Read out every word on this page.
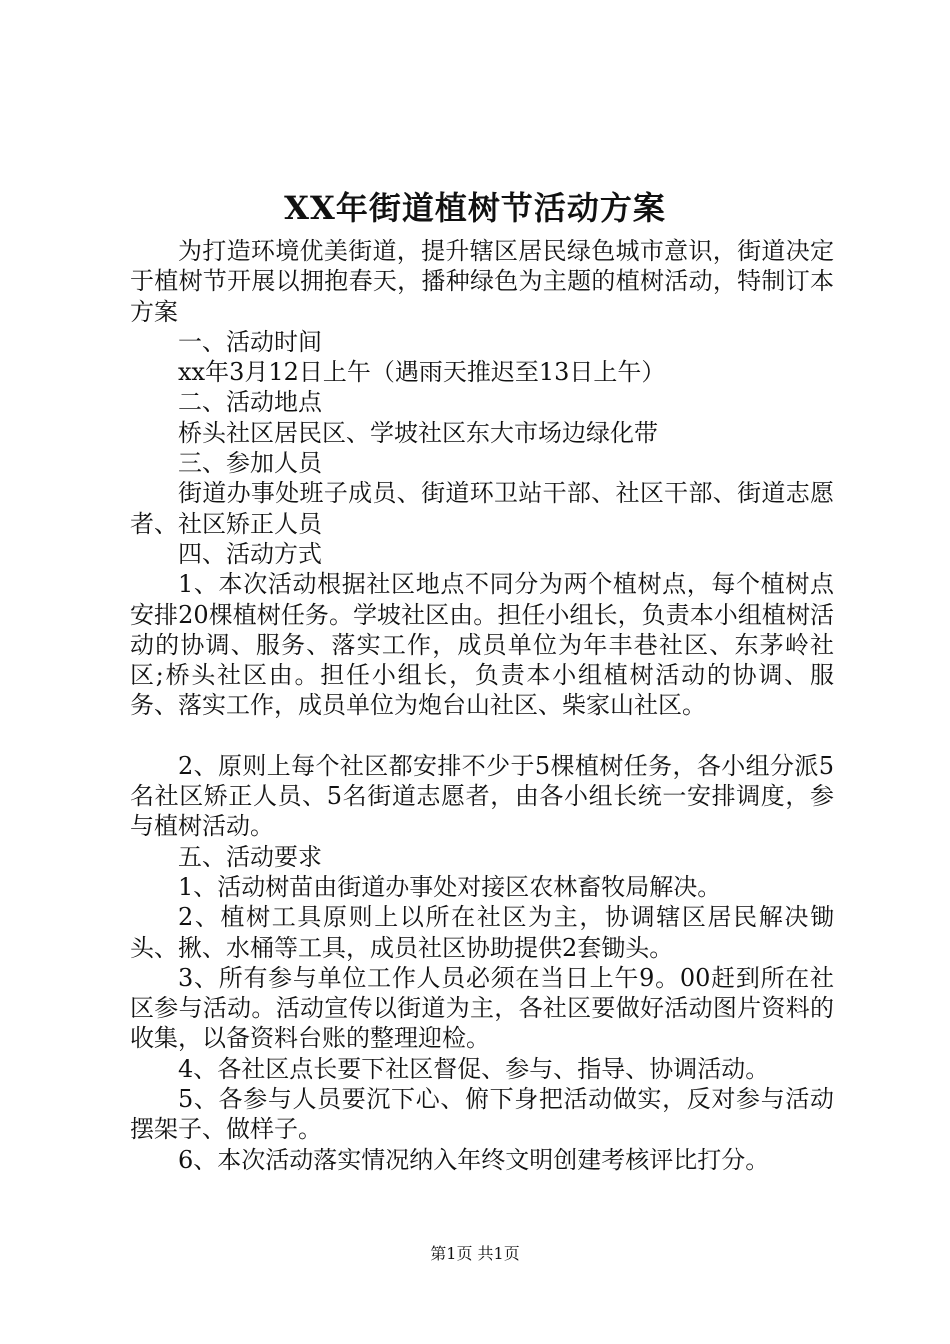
XX年街道植树节活动方案

为打造环境优美街道，提升辖区居民绿色城市意识，街道决定于植树节开展以拥抱春天，播种绿色为主题的植树活动，特制订本方案

一、活动时间

xx年3月12日上午（遇雨天推迟至13日上午）

二、活动地点

桥头社区居民区、学坡社区东大市场边绿化带

三、参加人员

街道办事处班子成员、街道环卫站干部、社区干部、街道志愿者、社区矫正人员

四、活动方式

1、本次活动根据社区地点不同分为两个植树点，每个植树点安排20棵植树任务。学坡社区由。担任小组长，负责本小组植树活动的协调、服务、落实工作，成员单位为年丰巷社区、东茅岭社区;桥头社区由。担任小组长，负责本小组植树活动的协调、服务、落实工作，成员单位为炮台山社区、柴家山社区。

2、原则上每个社区都安排不少于5棵植树任务，各小组分派5名社区矫正人员、5名街道志愿者，由各小组长统一安排调度，参与植树活动。

五、活动要求

1、活动树苗由街道办事处对接区农林畜牧局解决。

2、植树工具原则上以所在社区为主，协调辖区居民解决锄头、揪、水桶等工具，成员社区协助提供2套锄头。

3、所有参与单位工作人员必须在当日上午9。00赶到所在社区参与活动。活动宣传以街道为主，各社区要做好活动图片资料的收集，以备资料台账的整理迎检。

4、各社区点长要下社区督促、参与、指导、协调活动。

5、各参与人员要沉下心、俯下身把活动做实，反对参与活动摆架子、做样子。

6、本次活动落实情况纳入年终文明创建考核评比打分。

第1页 共1页
